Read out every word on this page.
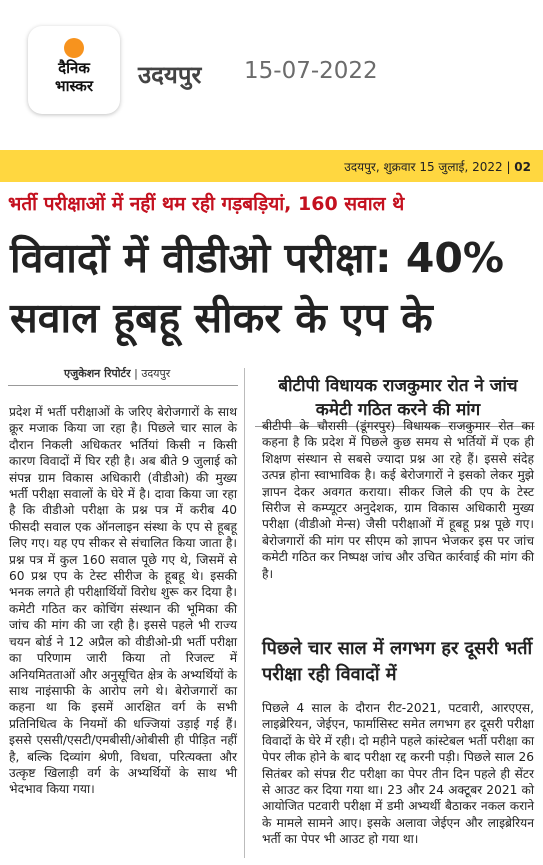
दैनिक
भास्कर	उदयपुर 15-07-2022
उदयपुर, शुक्रवार 15 जुलाई, 2022 | 02
भर्ती परीक्षाओं में नहीं थम रही गड़बड़ियां, 160 सवाल थे
विवादों में वीडीओ परीक्षा: 40% सवाल हूबहू सीकर के एप के
एजुकेशन रिपोर्टर | उदयपुर
प्रदेश में भर्ती परीक्षाओं के जरिए बेरोजगारों के साथ क्रूर मजाक किया जा रहा है। पिछले चार साल के दौरान निकली अधिकतर भर्तियां किसी न किसी कारण विवादों में घिर रही है। अब बीते 9 जुलाई को संपन्न ग्राम विकास अधिकारी (वीडीओ) की मुख्य भर्ती परीक्षा सवालों के घेरे में है। दावा किया जा रहा है कि वीडीओ परीक्षा के प्रश्न पत्र में करीब 40 फीसदी सवाल एक ऑनलाइन संस्था के एप से हूबहू लिए गए। यह एप सीकर से संचालित किया जाता है। प्रश्न पत्र में कुल 160 सवाल पूछे गए थे, जिसमें से 60 प्रश्न एप के टेस्ट सीरीज के हूबहू थे। इसकी भनक लगते ही परीक्षार्थियों विरोध शुरू कर दिया है। कमेटी गठित कर कोचिंग संस्थान की भूमिका की जांच की मांग की जा रही है। इससे पहले भी राज्य चयन बोर्ड ने 12 अप्रैल को वीडीओ-प्री भर्ती परीक्षा का परिणाम जारी किया तो रिजल्ट में अनियमितताओं और अनुसूचित क्षेत्र के अभ्यर्थियों के साथ नाइंसाफी के आरोप लगे थे। बेरोजगारों का कहना था कि इसमें आरक्षित वर्ग के सभी प्रतिनिधित्व के नियमों की धज्जियां उड़ाई गई हैं। इससे एससी/एसटी/एमबीसी/ओबीसी ही पीड़ित नहीं है, बल्कि दिव्यांग श्रेणी, विधवा, परित्यक्ता और उत्कृष्ट खिलाड़ी वर्ग के अभ्यर्थियों के साथ भी भेदभाव किया गया।
बीटीपी विधायक राजकुमार रोत ने जांच कमेटी गठित करने की मांग
बीटीपी के चौरासी (डूंगरपुर) विधायक राजकुमार रोत का कहना है कि प्रदेश में पिछले कुछ समय से भर्तियों में एक ही शिक्षण संस्थान से सबसे ज्यादा प्रश्न आ रहे हैं। इससे संदेह उत्पन्न होना स्वाभाविक है। कई बेरोजगारों ने इसको लेकर मुझे ज्ञापन देकर अवगत कराया। सीकर जिले की एप के टेस्ट सिरीज से कम्प्यूटर अनुदेशक, ग्राम विकास अधिकारी मुख्य परीक्षा (वीडीओ मेन्स) जैसी परीक्षाओं में हूबहू प्रश्न पूछे गए। बेरोजगारों की मांग पर सीएम को ज्ञापन भेजकर इस पर जांच कमेटी गठित कर निष्पक्ष जांच और उचित कार्रवाई की मांग की है।
पिछले चार साल में लगभग हर दूसरी भर्ती परीक्षा रही विवादों में
पिछले 4 साल के दौरान रीट-2021, पटवारी, आरएएस, लाइब्रेरियन, जेईएन, फार्मासिस्ट समेत लगभग हर दूसरी परीक्षा विवादों के घेरे में रही। दो महीने पहले कांस्टेबल भर्ती परीक्षा का पेपर लीक होने के बाद परीक्षा रद्द करनी पड़ी। पिछले साल 26 सितंबर को संपन्न रीट परीक्षा का पेपर तीन दिन पहले ही सेंटर से आउट कर दिया गया था। 23 और 24 अक्टूबर 2021 को आयोजित पटवारी परीक्षा में डमी अभ्यर्थी बैठाकर नकल कराने के मामले सामने आए। इसके अलावा जेईएन और लाइब्रेरियन भर्ती का पेपर भी आउट हो गया था।
